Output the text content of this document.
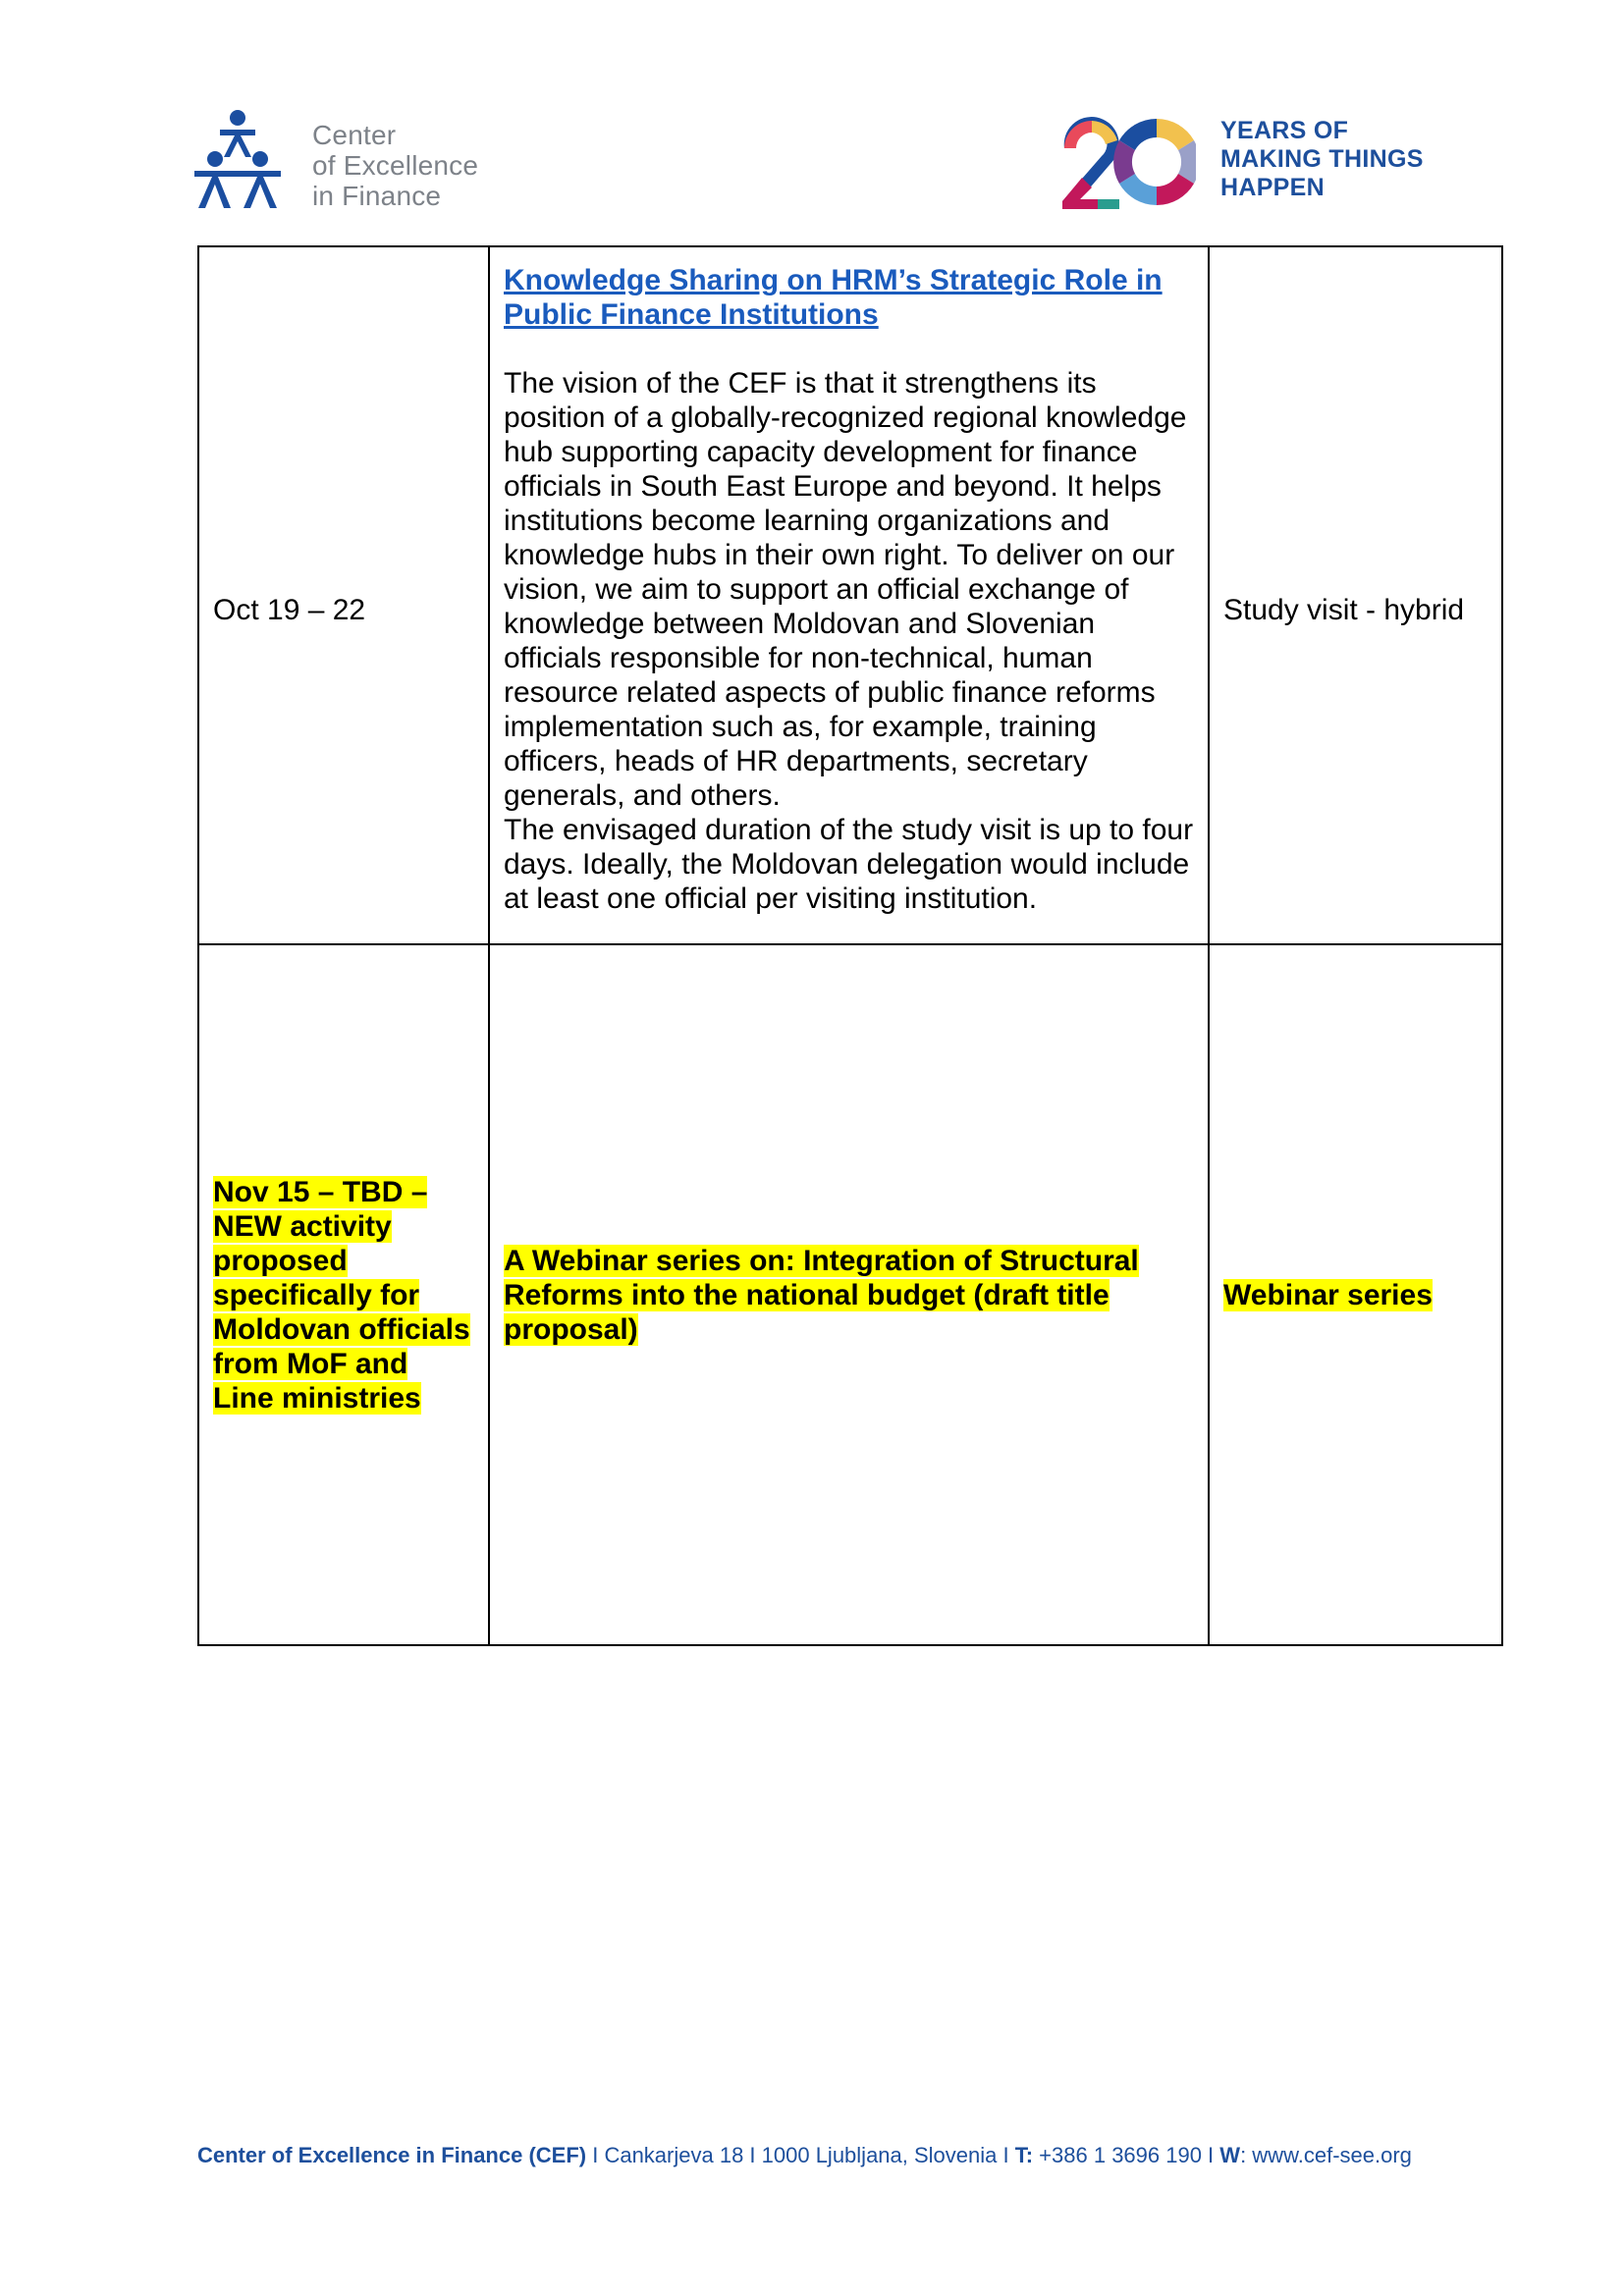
Center
of Excellence
in Finance
YEARS OF
MAKING THINGS
HAPPEN
Oct 19 – 22	Knowledge Sharing on HRM’s Strategic Role in Public Finance Institutions
The vision of the CEF is that it strengthens its position of a globally-recognized regional knowledge hub supporting capacity development for finance officials in South East Europe and beyond. It helps institutions become learning organizations and knowledge hubs in their own right. To deliver on our vision, we aim to support an official exchange of knowledge between Moldovan and Slovenian officials responsible for non-technical, human resource related aspects of public finance reforms implementation such as, for example, training officers, heads of HR departments, secretary generals, and others.
The envisaged duration of the study visit is up to four days. Ideally, the Moldovan delegation would include at least one official per visiting institution.	Study visit - hybrid
Nov 15 – TBD – NEW activity proposed specifically for Moldovan officials from MoF and Line ministries	A Webinar series on: Integration of Structural Reforms into the national budget (draft title proposal)	Webinar series
Center of Excellence in Finance (CEF) I Cankarjeva 18 I 1000 Ljubljana, Slovenia I T: +386 1 3696 190 I W: www.cef-see.org
